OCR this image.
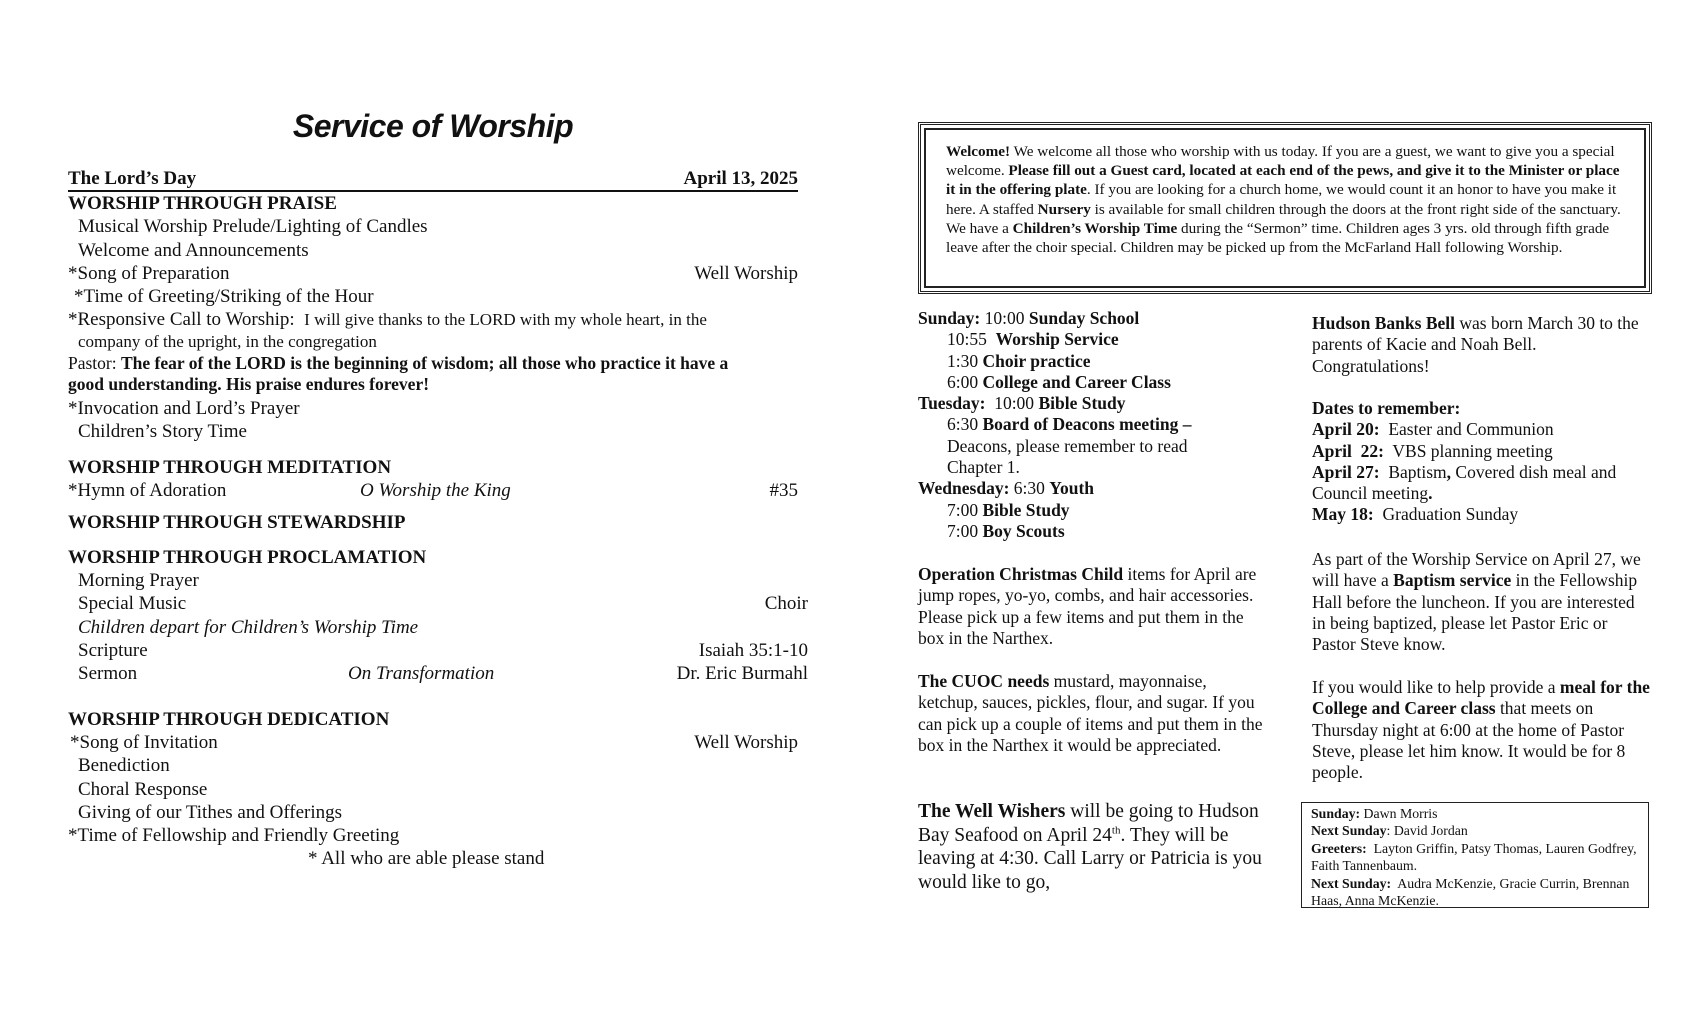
Service of Worship
The Lord’s Day	April 13, 2025
WORSHIP THROUGH PRAISE
Musical Worship Prelude/Lighting of Candles
Welcome and Announcements
*Song of Preparation	Well Worship
*Time of Greeting/Striking of the Hour
*Responsive Call to Worship: I will give thanks to the LORD with my whole heart, in the
company of the upright, in the congregation
Pastor: The fear of the LORD is the beginning of wisdom; all those who practice it have a
good understanding. His praise endures forever!
*Invocation and Lord’s Prayer
Children’s Story Time
WORSHIP THROUGH MEDITATION
*Hymn of Adoration	O Worship the King	#35
WORSHIP THROUGH STEWARDSHIP
WORSHIP THROUGH PROCLAMATION
Morning Prayer
Special Music	Choir
Children depart for Children’s Worship Time
Scripture	Isaiah 35:1-10
Sermon	On Transformation	Dr. Eric Burmahl
WORSHIP THROUGH DEDICATION
*Song of Invitation	Well Worship
Benediction
Choral Response
Giving of our Tithes and Offerings
*Time of Fellowship and Friendly Greeting
* All who are able please stand
Welcome! We welcome all those who worship with us today. If you are a guest, we want to give you a special welcome. Please fill out a Guest card, located at each end of the pews, and give it to the Minister or place it in the offering plate. If you are looking for a church home, we would count it an honor to have you make it here. A staffed Nursery is available for small children through the doors at the front right side of the sanctuary. We have a Children’s Worship Time during the “Sermon” time. Children ages 3 yrs. old through fifth grade leave after the choir special. Children may be picked up from the McFarland Hall following Worship.
Sunday: 10:00 Sunday School
10:55 Worship Service
1:30 Choir practice
6:00 College and Career Class
Tuesday: 10:00 Bible Study
6:30 Board of Deacons meeting –
Deacons, please remember to read
Chapter 1.
Wednesday: 6:30 Youth
7:00 Bible Study
7:00 Boy Scouts

Operation Christmas Child items for April are jump ropes, yo-yo, combs, and hair accessories. Please pick up a few items and put them in the box in the Narthex.

The CUOC needs mustard, mayonnaise, ketchup, sauces, pickles, flour, and sugar. If you can pick up a couple of items and put them in the box in the Narthex it would be appreciated.

The Well Wishers will be going to Hudson Bay Seafood on April 24th. They will be leaving at 4:30. Call Larry or Patricia is you would like to go,

Hudson Banks Bell was born March 30 to the parents of Kacie and Noah Bell. Congratulations!

Dates to remember:
April 20:  Easter and Communion
April  22:  VBS planning meeting
April 27:  Baptism, Covered dish meal and Council meeting.
May 18:  Graduation Sunday

As part of the Worship Service on April 27, we will have a Baptism service in the Fellowship Hall before the luncheon. If you are interested in being baptized, please let Pastor Eric or Pastor Steve know.

If you would like to help provide a meal for the College and Career class that meets on Thursday night at 6:00 at the home of Pastor Steve, please let him know. It would be for 8 people.

Sunday: Dawn Morris
Next Sunday: David Jordan
Greeters:  Layton Griffin, Patsy Thomas, Lauren Godfrey, Faith Tannenbaum.
Next Sunday:  Audra McKenzie, Gracie Currin, Brennan Haas, Anna McKenzie.
